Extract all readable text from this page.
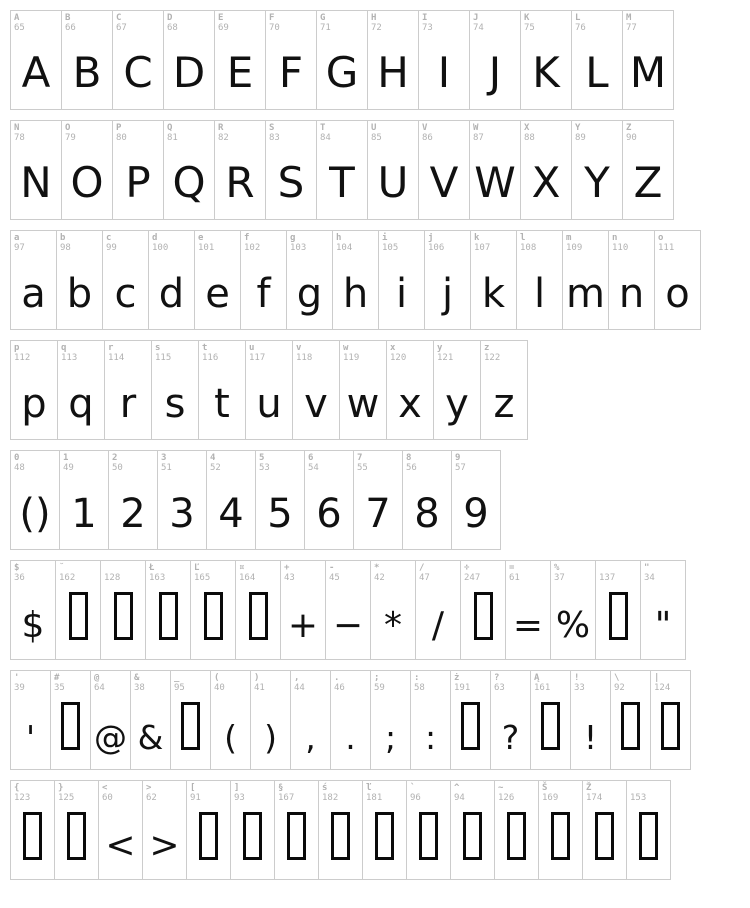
A
65
A
B
66
B
C
67
C
D
68
D
E
69
E
F
70
F
G
71
G
H
72
H
I
73
I
J
74
J
K
75
K
L
76
L
M
77
M
N
78
N
O
79
O
P
80
P
Q
81
Q
R
82
R
S
83
S
T
84
T
U
85
U
V
86
V
W
87
W
X
88
X
Y
89
Y
Z
90
Z
a
97
a
b
98
b
c
99
c
d
100
d
e
101
e
f
102
f
g
103
g
h
104
h
i
105
i
j
106
j
k
107
k
l
108
l
m
109
m
n
110
n
o
111
o
p
112
p
q
113
q
r
114
r
s
115
s
t
116
t
u
117
u
v
118
v
w
119
w
x
120
x
y
121
y
z
122
z
0
48
()
1
49
1
2
50
2
3
51
3
4
52
4
5
53
5
6
54
6
7
55
7
8
56
8
9
57
9
$
36
$
˘
162	128
Ł
163
Ľ
165
¤
164
+
43
+
-
45
−
*
42
*
/
47
/
÷
247
=
61
=
%
37
%
137
"
34
"
'
39
'
#
35
@
64
@
&
38
&
_
95
(
40
(
)
41
)
,
44
,
.
46
.
;
59
;
:
58
:
ż
191
?
63
?
Ą
161
!
33
!
\
92
|
124
{
123
}
125
<
60
<
>
62
>
[
91
]
93
§
167
ś
182
ľ
181
`
96
^
94
~
126
Š
169
Ž
174	153
